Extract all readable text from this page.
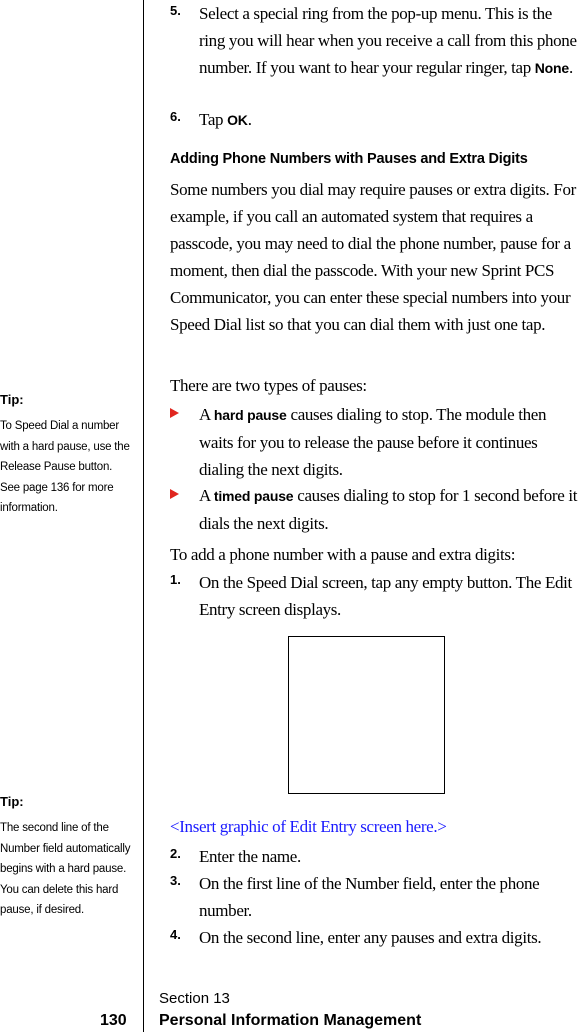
5. Select a special ring from the pop-up menu. This is the ring you will hear when you receive a call from this phone number. If you want to hear your regular ringer, tap None.
6. Tap OK.
Adding Phone Numbers with Pauses and Extra Digits
Some numbers you dial may require pauses or extra digits. For example, if you call an automated system that requires a passcode, you may need to dial the phone number, pause for a moment, then dial the passcode. With your new Sprint PCS Communicator, you can enter these special numbers into your Speed Dial list so that you can dial them with just one tap.
Tip:
To Speed Dial a number with a hard pause, use the Release Pause button. See page 136 for more information.
There are two types of pauses:
A hard pause causes dialing to stop. The module then waits for you to release the pause before it continues dialing the next digits.
A timed pause causes dialing to stop for 1 second before it dials the next digits.
To add a phone number with a pause and extra digits:
1. On the Speed Dial screen, tap any empty button. The Edit Entry screen displays.
Tip:
The second line of the Number field automatically begins with a hard pause. You can delete this hard pause, if desired.
<Insert graphic of Edit Entry screen here.>
2. Enter the name.
3. On the first line of the Number field, enter the phone number.
4. On the second line, enter any pauses and extra digits.
130
Section 13
Personal Information Management
